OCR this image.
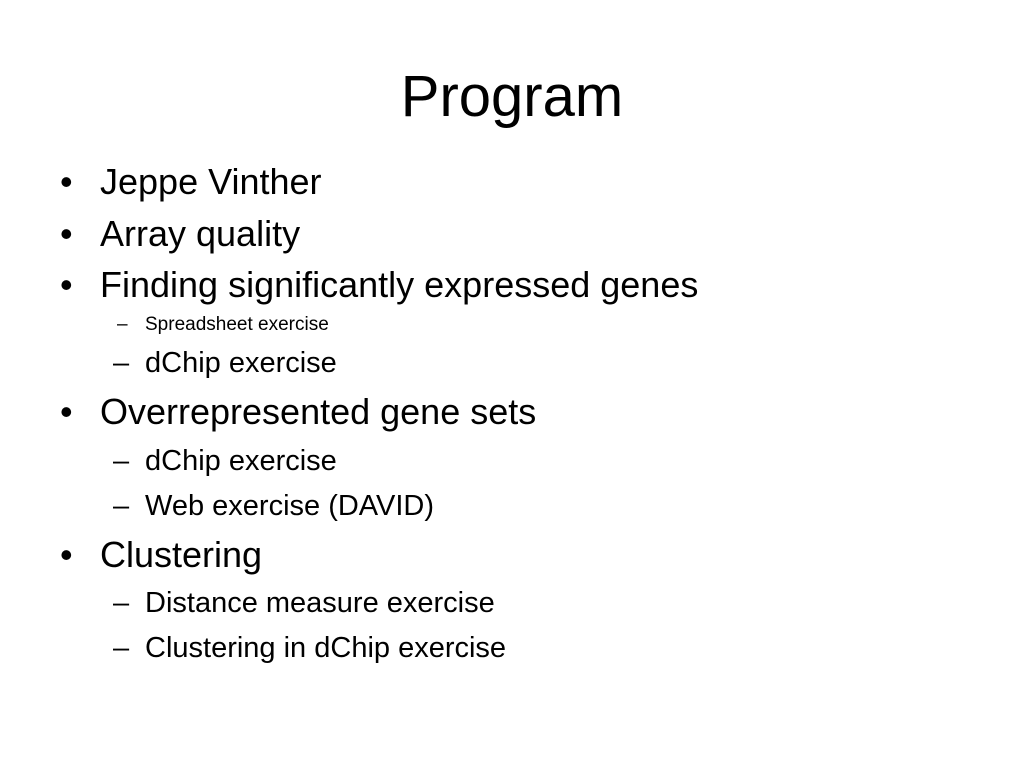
Program
• Jeppe Vinther
• Array quality
• Finding significantly expressed genes
– Spreadsheet exercise
– dChip exercise
• Overrepresented gene sets
– dChip exercise
– Web exercise (DAVID)
• Clustering
– Distance measure exercise
– Clustering in dChip exercise
